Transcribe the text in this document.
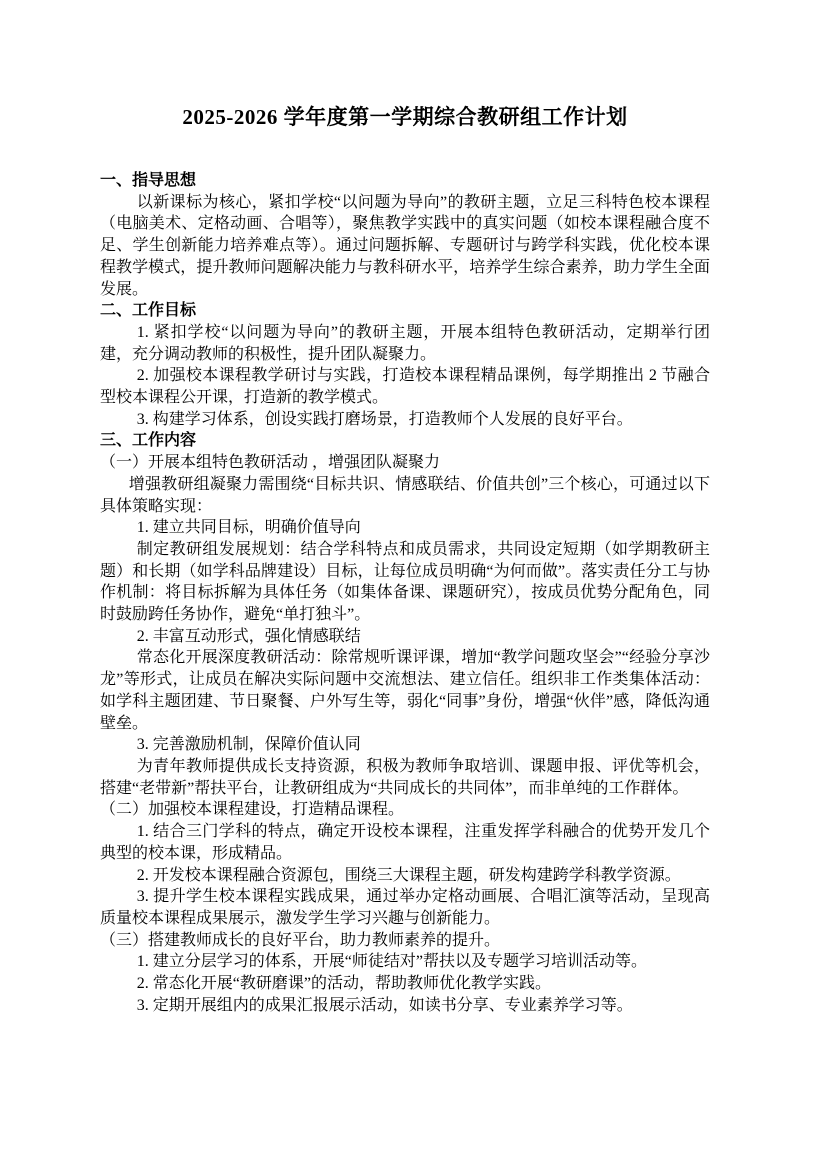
2025-2026 学年度第一学期综合教研组工作计划
一、指导思想

以新课标为核心，紧扣学校“以问题为导向”的教研主题，立足三科特色校本课程（电脑美术、定格动画、合唱等），聚焦教学实践中的真实问题（如校本课程融合度不足、学生创新能力培养难点等）。通过问题拆解、专题研讨与跨学科实践，优化校本课程教学模式，提升教师问题解决能力与教科研水平，培养学生综合素养，助力学生全面发展。

二、工作目标

1. 紧扣学校“以问题为导向”的教研主题，开展本组特色教研活动，定期举行团建，充分调动教师的积极性，提升团队凝聚力。

2. 加强校本课程教学研讨与实践，打造校本课程精品课例，每学期推出 2 节融合型校本课程公开课，打造新的教学模式。

3. 构建学习体系，创设实践打磨场景，打造教师个人发展的良好平台。

三、工作内容

（一）开展本组特色教研活动 ，增强团队凝聚力

增强教研组凝聚力需围绕“目标共识、情感联结、价值共创”三个核心，可通过以下具体策略实现：

1. 建立共同目标，明确价值导向

制定教研组发展规划：结合学科特点和成员需求，共同设定短期（如学期教研主题）和长期（如学科品牌建设）目标，让每位成员明确“为何而做”。落实责任分工与协作机制：将目标拆解为具体任务（如集体备课、课题研究），按成员优势分配角色，同时鼓励跨任务协作，避免“单打独斗”。

2. 丰富互动形式，强化情感联结

常态化开展深度教研活动：除常规听课评课，增加“教学问题攻坚会”“经验分享沙龙”等形式，让成员在解决实际问题中交流想法、建立信任。组织非工作类集体活动：如学科主题团建、节日聚餐、户外写生等，弱化“同事”身份，增强“伙伴”感，降低沟通壁垒。

3. 完善激励机制，保障价值认同

为青年教师提供成长支持资源，积极为教师争取培训、课题申报、评优等机会，搭建“老带新”帮扶平台，让教研组成为“共同成长的共同体”，而非单纯的工作群体。

（二）加强校本课程建设，打造精品课程。

1. 结合三门学科的特点，确定开设校本课程，注重发挥学科融合的优势开发几个典型的校本课，形成精品。

2. 开发校本课程融合资源包，围绕三大课程主题，研发构建跨学科教学资源。

3. 提升学生校本课程实践成果，通过举办定格动画展、合唱汇演等活动，呈现高质量校本课程成果展示，激发学生学习兴趣与创新能力。

（三）搭建教师成长的良好平台，助力教师素养的提升。

1. 建立分层学习的体系，开展“师徒结对”帮扶以及专题学习培训活动等。

2. 常态化开展“教研磨课”的活动，帮助教师优化教学实践。

3. 定期开展组内的成果汇报展示活动，如读书分享、专业素养学习等。
